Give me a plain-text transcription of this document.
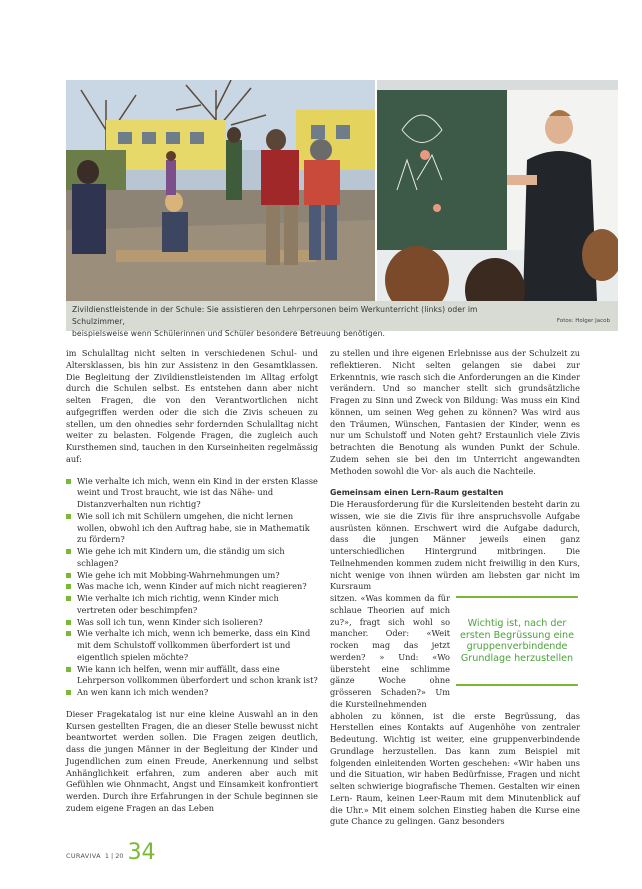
Zivildienstleistende in der Schule: Sie assistieren den Lehrpersonen beim Werkunterricht (links) oder im Schulzimmer,
beispielsweise wenn Schülerinnen und Schüler besondere Betreuung benötigen.
Fotos: Holger Jacob

im Schulalltag nicht selten in verschiedenen Schul- und Altersklassen, bis hin zur Assistenz in den Gesamtklassen. Die Begleitung der Zivildienstleistenden im Alltag erfolgt durch die Schulen selbst. Es entstehen dann aber nicht selten Fragen, die von den Verantwortlichen nicht aufgegriffen werden oder die sich die Zivis scheuen zu stellen, um den ohnedies sehr fordernden Schulalltag nicht weiter zu belasten. Folgende Fragen, die zugleich auch Kursthemen sind, tauchen in den Kurseinheiten regelmässig auf:

Wie verhalte ich mich, wenn ein Kind in der ersten Klasse weint und Trost braucht, wie ist das Nähe- und Distanzverhalten nun richtig?
Wie soll ich mit Schülern umgehen, die nicht lernen wollen, obwohl ich den Auftrag habe, sie in Mathematik zu fördern?
Wie gehe ich mit Kindern um, die ständig um sich schlagen?
Wie gehe ich mit Mobbing-Wahrnehmungen um?
Was mache ich, wenn Kinder auf mich nicht reagieren?
Wie verhalte ich mich richtig, wenn Kinder mich vertreten oder beschimpfen?
Was soll ich tun, wenn Kinder sich isolieren?
Wie verhalte ich mich, wenn ich bemerke, dass ein Kind mit dem Schulstoff vollkommen überfordert ist und eigentlich spielen möchte?
Wie kann ich helfen, wenn mir auffällt, dass eine Lehrperson vollkommen überfordert und schon krank ist?
An wen kann ich mich wenden?

Dieser Fragekatalog ist nur eine kleine Auswahl an in den Kursen gestellten Fragen, die an dieser Stelle bewusst nicht beantwortet werden sollen. Die Fragen zeigen deutlich, dass die jungen Männer in der Begleitung der Kinder und Jugendlichen zum einen Freude, Anerkennung und selbst Anhänglichkeit erfahren, zum anderen aber auch mit Gefühlen wie Ohnmacht, Angst und Einsamkeit konfrontiert werden. Durch ihre Erfahrungen in der Schule beginnen sie zudem eigene Fragen an das Leben

zu stellen und ihre eigenen Erlebnisse aus der Schulzeit zu reflektieren. Nicht selten gelangen sie dabei zur Erkenntnis, wie rasch sich die Anforderungen an die Kinder verändern. Und so mancher stellt sich grundsätzliche Fragen zu Sinn und Zweck von Bildung: Was muss ein Kind können, um seinen Weg gehen zu können? Was wird aus den Träumen, Wünschen, Fantasien der Kinder, wenn es nur um Schulstoff und Noten geht? Erstaunlich viele Zivis betrachten die Benotung als wunden Punkt der Schule. Zudem sehen sie bei den im Unterricht angewandten Methoden sowohl die Vor- als auch die Nachteile.

Gemeinsam einen Lern-Raum gestalten

Die Herausforderung für die Kursleitenden besteht darin zu wissen, wie sie die Zivis für ihre anspruchsvolle Aufgabe ausrüsten können. Erschwert wird die Aufgabe dadurch, dass die jungen Männer jeweils einen ganz unterschiedlichen Hintergrund mitbringen. Die Teilnehmenden kommen zudem nicht freiwillig in den Kurs, nicht wenige von ihnen würden am liebsten gar nicht im Kursraum

sitzen. «Was kommen da für schlaue Theorien auf mich zu?», fragt sich wohl so mancher. Oder: «Weit rocken mag das jetzt werden? » Und: «Wo übersteht eine schlimme gänze Woche ohne grösseren Schaden?» Um die Kursteilnehmenden

abholen zu können, ist die erste Begrüssung, das Herstellen eines Kontakts auf Augenhöhe von zentraler Bedeutung. Wichtig ist weiter, eine gruppenverbindende Grundlage herzustellen. Das kann zum Beispiel mit folgenden einleitenden Worten geschehen: «Wir haben uns und die Situation, wir haben Bedürfnisse, Fragen und nicht selten schwierige biografische Themen. Gestalten wir einen Lern- Raum, keinen Leer-Raum mit dem Minutenblick auf die Uhr.» Mit einem solchen Einstieg haben die Kurse eine gute Chance zu gelingen. Ganz besonders

Wichtig ist, nach der ersten Begrüssung eine gruppenverbindende Grundlage herzustellen
CURAVIVA 1 | 20 34
